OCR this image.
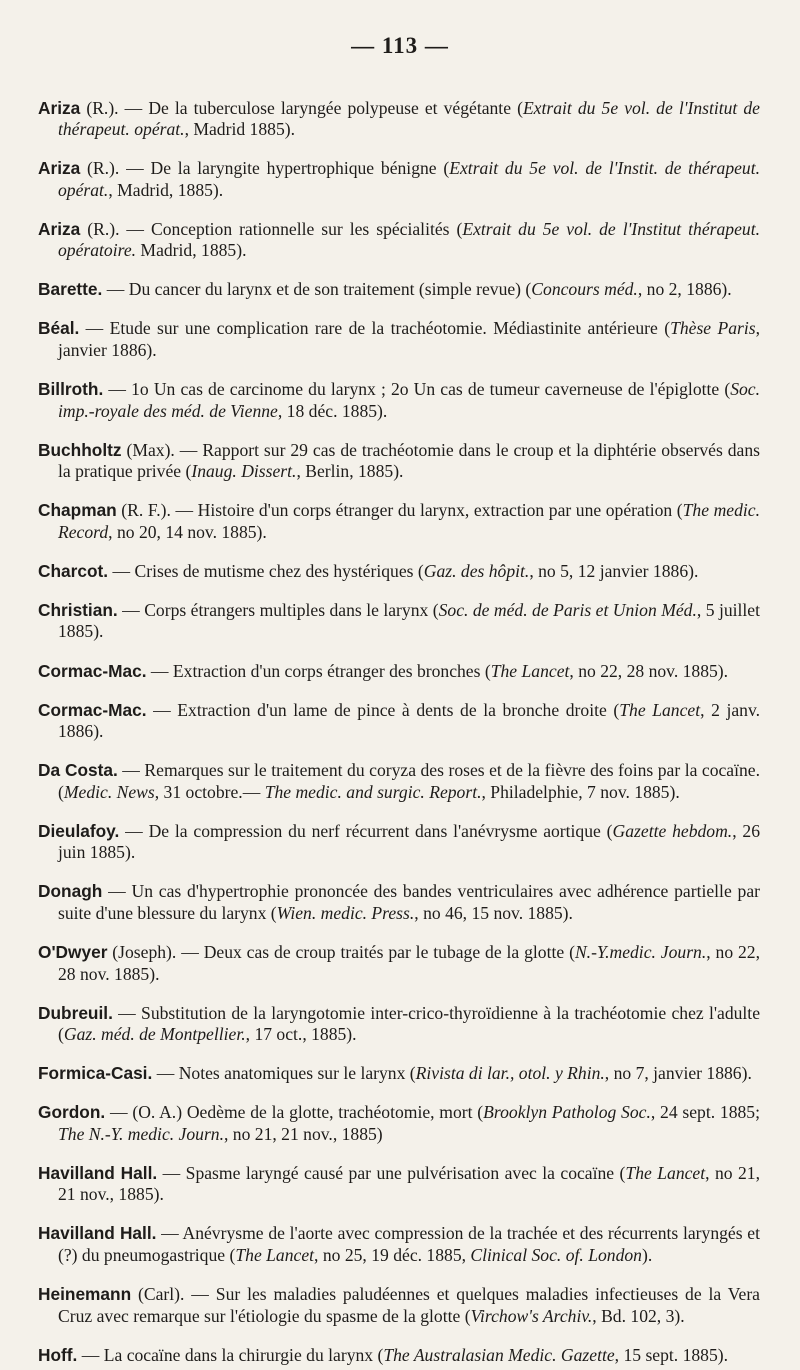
— 113 —

Ariza (R.). — De la tuberculose laryngée polypeuse et végétante (Extrait du 5e vol. de l'Institut de thérapeut. opérat., Madrid 1885).

Ariza (R.). — De la laryngite hypertrophique bénigne (Extrait du 5e vol. de l'Instit. de thérapeut. opérat., Madrid, 1885).

Ariza (R.). — Conception rationnelle sur les spécialités (Extrait du 5e vol. de l'Institut thérapeut. opératoire. Madrid, 1885).

Barette. — Du cancer du larynx et de son traitement (simple revue) (Concours méd., no 2, 1886).

Béal. — Etude sur une complication rare de la trachéotomie. Médiastinite antérieure (Thèse Paris, janvier 1886).

Billroth. — 1o Un cas de carcinome du larynx ; 2o Un cas de tumeur caverneuse de l'épiglotte (Soc. imp.-royale des méd. de Vienne, 18 déc. 1885).

Buchholtz (Max). — Rapport sur 29 cas de trachéotomie dans le croup et la diphtérie observés dans la pratique privée (Inaug. Dissert., Berlin, 1885).

Chapman (R. F.). — Histoire d'un corps étranger du larynx, extraction par une opération (The medic. Record, no 20, 14 nov. 1885).

Charcot. — Crises de mutisme chez des hystériques (Gaz. des hôpit., no 5, 12 janvier 1886).

Christian. — Corps étrangers multiples dans le larynx (Soc. de méd. de Paris et Union Méd., 5 juillet 1885).

Cormac-Mac. — Extraction d'un corps étranger des bronches (The Lancet, no 22, 28 nov. 1885).

Cormac-Mac. — Extraction d'un lame de pince à dents de la bronche droite (The Lancet, 2 janv. 1886).

Da Costa. — Remarques sur le traitement du coryza des roses et de la fièvre des foins par la cocaïne. (Medic. News, 31 octobre.— The medic. and surgic. Report., Philadelphie, 7 nov. 1885).

Dieulafoy. — De la compression du nerf récurrent dans l'anévrysme aortique (Gazette hebdom., 26 juin 1885).

Donagh — Un cas d'hypertrophie prononcée des bandes ventriculaires avec adhérence partielle par suite d'une blessure du larynx (Wien. medic. Press., no 46, 15 nov. 1885).

O'Dwyer (Joseph). — Deux cas de croup traités par le tubage de la glotte (N.-Y.medic. Journ., no 22, 28 nov. 1885).

Dubreuil. — Substitution de la laryngotomie inter-crico-thyroïdienne à la trachéotomie chez l'adulte (Gaz. méd. de Montpellier., 17 oct., 1885).

Formica-Casi. — Notes anatomiques sur le larynx (Rivista di lar., otol. y Rhin., no 7, janvier 1886).

Gordon. — (O. A.) Oedème de la glotte, trachéotomie, mort (Brooklyn Patholog Soc., 24 sept. 1885; The N.-Y. medic. Journ., no 21, 21 nov., 1885)

Havilland Hall. — Spasme laryngé causé par une pulvérisation avec la cocaïne (The Lancet, no 21, 21 nov., 1885).

Havilland Hall. — Anévrysme de l'aorte avec compression de la trachée et des récurrents laryngés et (?) du pneumogastrique (The Lancet, no 25, 19 déc. 1885, Clinical Soc. of. London).

Heinemann (Carl). — Sur les maladies paludéennes et quelques maladies infectieuses de la Vera Cruz avec remarque sur l'étiologie du spasme de la glotte (Virchow's Archiv., Bd. 102, 3).

Hoff. — La cocaïne dans la chirurgie du larynx (The Australasian Medic. Gazette, 15 sept. 1885).
